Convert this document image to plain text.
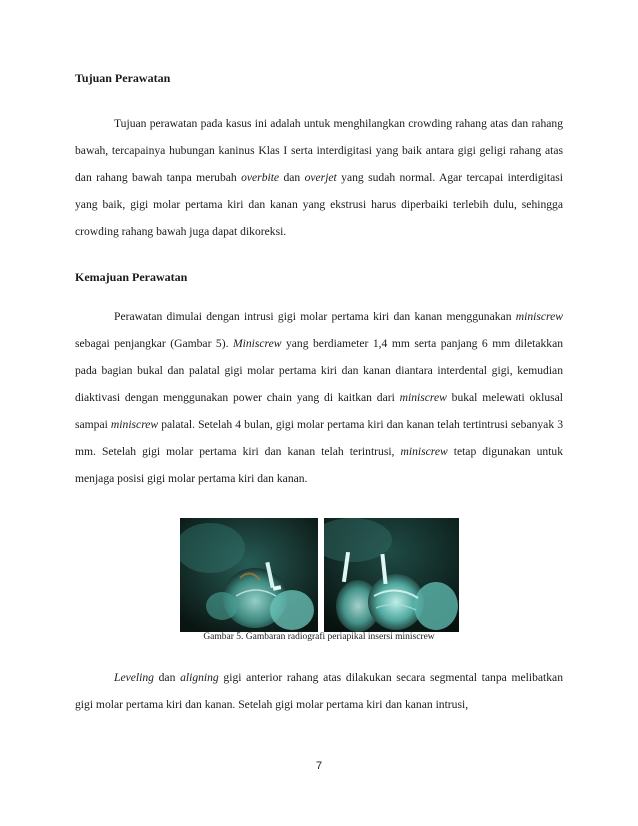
Tujuan Perawatan

Tujuan perawatan pada kasus ini adalah untuk menghilangkan crowding rahang atas dan rahang bawah, tercapainya hubungan kaninus Klas I serta interdigitasi yang baik antara gigi geligi rahang atas dan rahang bawah tanpa merubah overbite dan overjet yang sudah normal. Agar tercapai interdigitasi yang baik, gigi molar pertama kiri dan kanan yang ekstrusi harus diperbaiki terlebih dulu, sehingga crowding rahang bawah juga dapat dikoreksi.

Kemajuan Perawatan

Perawatan dimulai dengan intrusi gigi molar pertama kiri dan kanan menggunakan miniscrew sebagai penjangkar (Gambar 5). Miniscrew yang berdiameter 1,4 mm serta panjang 6 mm diletakkan pada bagian bukal dan palatal gigi molar pertama kiri dan kanan diantara interdental gigi, kemudian diaktivasi dengan menggunakan power chain yang di kaitkan dari miniscrew bukal melewati oklusal sampai miniscrew palatal. Setelah 4 bulan, gigi molar pertama kiri dan kanan telah tertintrusi sebanyak 3 mm. Setelah gigi molar pertama kiri dan kanan telah terintrusi, miniscrew tetap digunakan untuk menjaga posisi gigi molar pertama kiri dan kanan.

Gambar 5. Gambaran radiografi periapikal insersi miniscrew

Leveling dan aligning gigi anterior rahang atas dilakukan secara segmental tanpa melibatkan gigi molar pertama kiri dan kanan. Setelah gigi molar pertama kiri dan kanan intrusi,

7
